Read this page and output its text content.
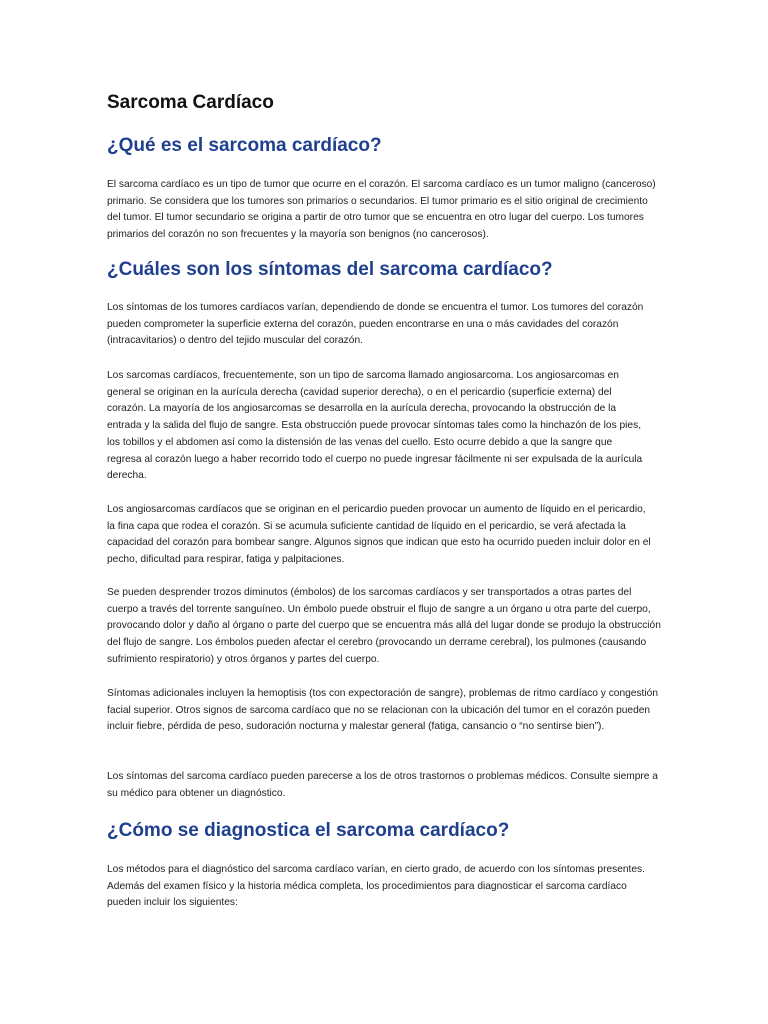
Sarcoma Cardíaco
¿Qué es el sarcoma cardíaco?

El sarcoma cardíaco es un tipo de tumor que ocurre en el corazón. El sarcoma cardíaco es un tumor maligno (canceroso) primario. Se considera que los tumores son primarios o secundarios. El tumor primario es el sitio original de crecimiento del tumor. El tumor secundario se origina a partir de otro tumor que se encuentra en otro lugar del cuerpo. Los tumores primarios del corazón no son frecuentes y la mayoría son benignos (no cancerosos).

¿Cuáles son los síntomas del sarcoma cardíaco?

Los síntomas de los tumores cardíacos varían, dependiendo de donde se encuentra el tumor. Los tumores del corazón pueden comprometer la superficie externa del corazón, pueden encontrarse en una o más cavidades del corazón (intracavitarios) o dentro del tejido muscular del corazón.

Los sarcomas cardíacos, frecuentemente, son un tipo de sarcoma llamado angiosarcoma. Los angiosarcomas en general se originan en la aurícula derecha (cavidad superior derecha), o en el pericardio (superficie externa) del corazón. La mayoría de los angiosarcomas se desarrolla en la aurícula derecha, provocando la obstrucción de la entrada y la salida del flujo de sangre. Esta obstrucción puede provocar síntomas tales como la hinchazón de los pies, los tobillos y el abdomen así como la distensión de las venas del cuello. Esto ocurre debido a que la sangre que regresa al corazón luego a haber recorrido todo el cuerpo no puede ingresar fácilmente ni ser expulsada de la aurícula derecha.

Los angiosarcomas cardíacos que se originan en el pericardio pueden provocar un aumento de líquido en el pericardio, la fina capa que rodea el corazón. Si se acumula suficiente cantidad de líquido en el pericardio, se verá afectada la capacidad del corazón para bombear sangre. Algunos signos que indican que esto ha ocurrido pueden incluir dolor en el pecho, dificultad para respirar, fatiga y palpitaciones.

Se pueden desprender trozos diminutos (émbolos) de los sarcomas cardíacos y ser transportados a otras partes del cuerpo a través del torrente sanguíneo. Un émbolo puede obstruir el flujo de sangre a un órgano u otra parte del cuerpo, provocando dolor y daño al órgano o parte del cuerpo que se encuentra más allá del lugar donde se produjo la obstrucción del flujo de sangre. Los émbolos pueden afectar el cerebro (provocando un derrame cerebral), los pulmones (causando sufrimiento respiratorio) y otros órganos y partes del cuerpo.

Síntomas adicionales incluyen la hemoptisis (tos con expectoración de sangre), problemas de ritmo cardíaco y congestión facial superior. Otros signos de sarcoma cardíaco que no se relacionan con la ubicación del tumor en el corazón pueden incluir fiebre, pérdida de peso, sudoración nocturna y malestar general (fatiga, cansancio o “no sentirse bien”).

Los síntomas del sarcoma cardíaco pueden parecerse a los de otros trastornos o problemas médicos. Consulte siempre a su médico para obtener un diagnóstico.

¿Cómo se diagnostica el sarcoma cardíaco?

Los métodos para el diagnóstico del sarcoma cardíaco varían, en cierto grado, de acuerdo con los síntomas presentes. Además del examen físico y la historia médica completa, los procedimientos para diagnosticar el sarcoma cardíaco pueden incluir los siguientes:
